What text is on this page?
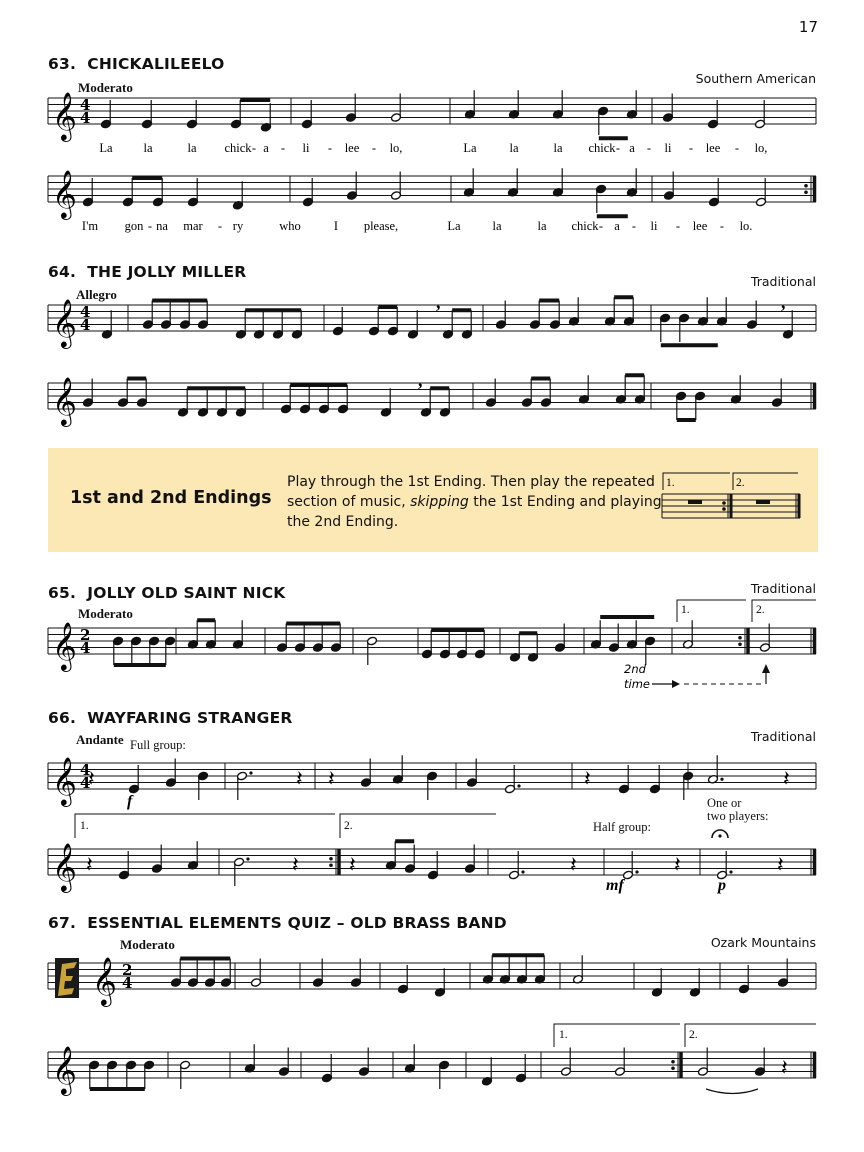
17
63. CHICKALILEELO
Moderato
Southern American
64. THE JOLLY MILLER
Allegro
Traditional
1st and 2nd Endings
Play through the 1st Ending. Then play the repeated section of music, skipping the 1st Ending and playing the 2nd Ending.
65. JOLLY OLD SAINT NICK
Moderato
Traditional
66. WAYFARING STRANGER
Andante	Traditional
Full group:
Half group:
One or
two players:
67. ESSENTIAL ELEMENTS QUIZ – OLD BRASS BAND
Moderato	Ozark Mountains
𝄞 4
4
𝄞
𝄞 4
4
𝄞
𝄞 2
4
𝄞 4
4
𝄽	𝄽 𝄽	𝄽	𝄽
𝄞 𝄽	𝄽 𝄽	𝄽	𝄽	𝄽
𝄞 2
4
𝄞	𝄽
1.	2.
La la	la chick - a - li - lee - lo,	La	la	la chick - a - li - lee - lo,
I'm gon - na mar - ry	who	I please,	La	la	la chick - a - li - lee - lo.
1.	2.
1.	2.
1.	2.
2nd
time
f
mf	p
,	,
,
